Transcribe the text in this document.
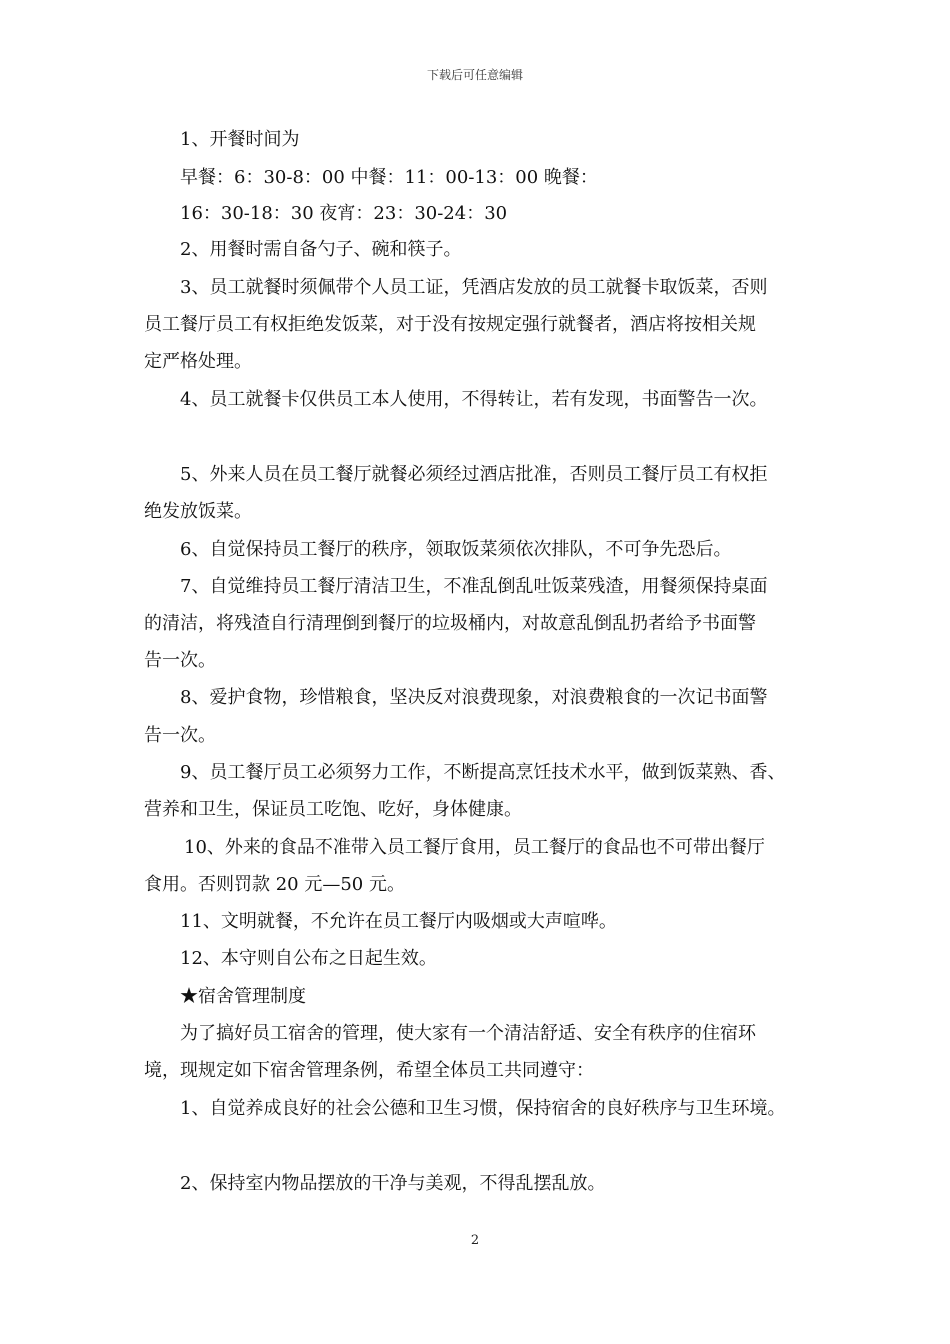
下载后可任意编辑
1、开餐时间为
早餐：6：30-8：00 中餐：11：00-13：00 晚餐：
16：30-18：30 夜宵：23：30-24：30
2、用餐时需自备勺子、碗和筷子。
3、员工就餐时须佩带个人员工证，凭酒店发放的员工就餐卡取饭菜，否则
员工餐厅员工有权拒绝发饭菜，对于没有按规定强行就餐者，酒店将按相关规
定严格处理。
4、员工就餐卡仅供员工本人使用，不得转让，若有发现，书面警告一次。
5、外来人员在员工餐厅就餐必须经过酒店批准，否则员工餐厅员工有权拒
绝发放饭菜。
6、自觉保持员工餐厅的秩序，领取饭菜须依次排队，不可争先恐后。
7、自觉维持员工餐厅清洁卫生，不准乱倒乱吐饭菜残渣，用餐须保持桌面
的清洁，将残渣自行清理倒到餐厅的垃圾桶内，对故意乱倒乱扔者给予书面警
告一次。
8、爱护食物，珍惜粮食，坚决反对浪费现象，对浪费粮食的一次记书面警
告一次。
9、员工餐厅员工必须努力工作，不断提高烹饪技术水平，做到饭菜熟、香、
营养和卫生，保证员工吃饱、吃好，身体健康。
10、外来的食品不准带入员工餐厅食用，员工餐厅的食品也不可带出餐厅
食用。否则罚款 20 元—50 元。
11、文明就餐，不允许在员工餐厅内吸烟或大声喧哗。
12、本守则自公布之日起生效。
★宿舍管理制度
为了搞好员工宿舍的管理，使大家有一个清洁舒适、安全有秩序的住宿环
境，现规定如下宿舍管理条例，希望全体员工共同遵守：
1、自觉养成良好的社会公德和卫生习惯，保持宿舍的良好秩序与卫生环境。
2、保持室内物品摆放的干净与美观，不得乱摆乱放。
2
